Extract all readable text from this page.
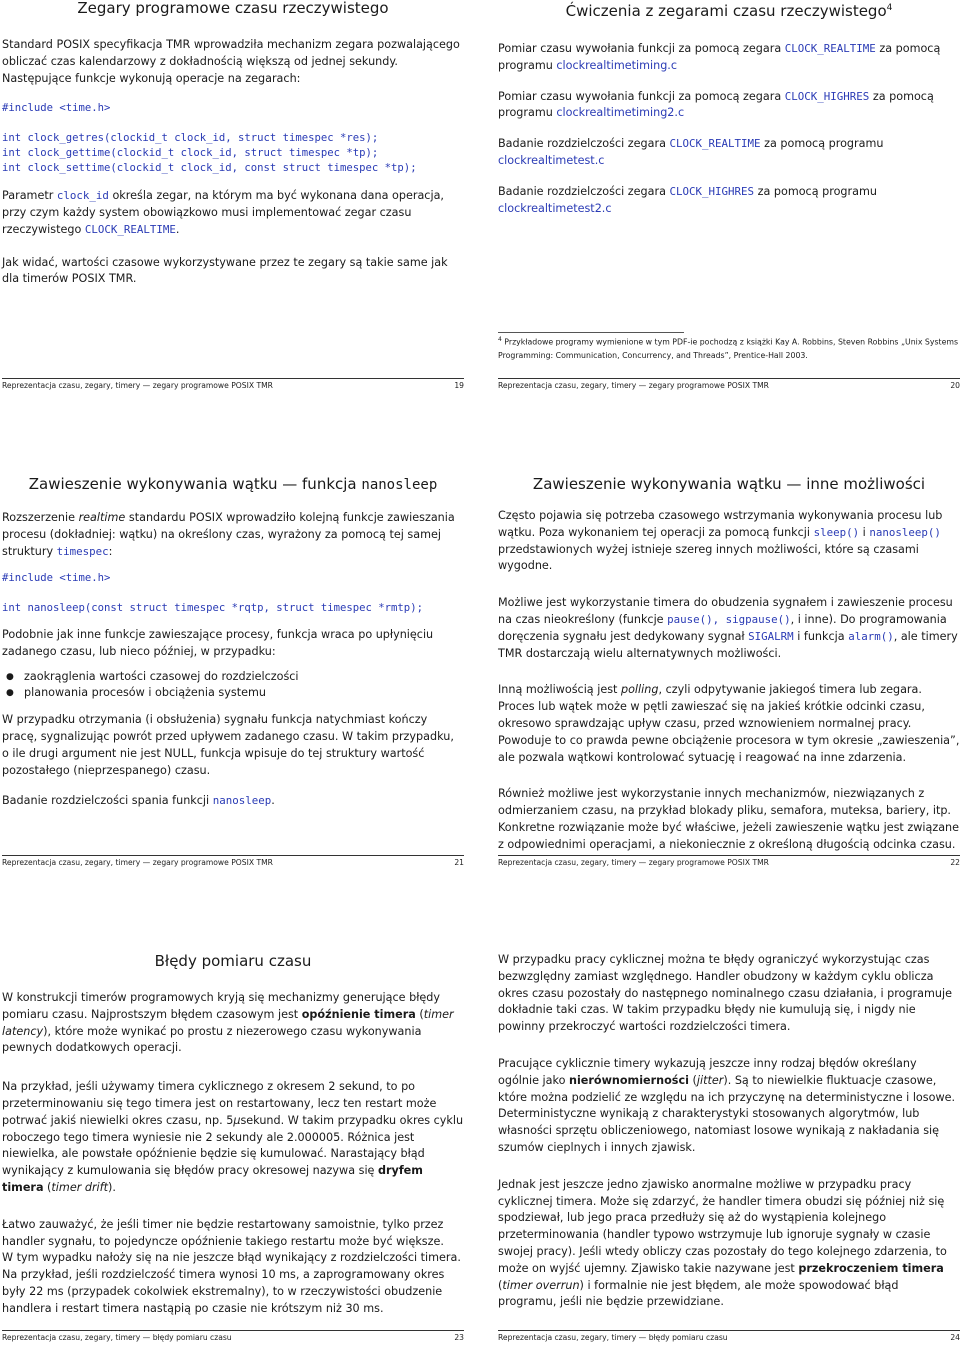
Zegary programowe czasu rzeczywistego

Standard POSIX specyfikacja TMR wprowadziła mechanizm zegara pozwalającego obliczać czas kalendarzowy z dokładnością większą od jednej sekundy. Następujące funkcje wykonują operacje na zegarach:

#include <time.h>
int clock_getres(clockid_t clock_id, struct timespec *res);
int clock_gettime(clockid_t clock_id, struct timespec *tp);
int clock_settime(clockid_t clock_id, const struct timespec *tp);

Parametr clock_id określa zegar, na którym ma być wykonana dana operacja, przy czym każdy system obowiązkowo musi implementować zegar czasu rzeczywistego CLOCK_REALTIME.

Jak widać, wartości czasowe wykorzystywane przez te zegary są takie same jak dla timerów POSIX TMR.

Reprezentacja czasu, zegary, timery — zegary programowe POSIX TMR	19
Ćwiczenia z zegarami czasu rzeczywistego$^4$

Pomiar czasu wywołania funkcji za pomocą zegara CLOCK_REALTIME za pomocą programu clockrealtimetiming.c

Pomiar czasu wywołania funkcji za pomocą zegara CLOCK_HIGHRES za pomocą programu clockrealtimetiming2.c

Badanie rozdzielczości zegara CLOCK_REALTIME za pomocą programu clockrealtimetest.c

Badanie rozdzielczości zegara CLOCK_HIGHRES za pomocą programu clockrealtimetest2.c

$^4$ Przykładowe programy wymienione w tym PDF-ie pochodzą z książki Kay A. Robbins, Steven Robbins „Unix Systems Programming: Communication, Concurrency, and Threads”, Prentice-Hall 2003.
Reprezentacja czasu, zegary, timery — zegary programowe POSIX TMR	20
Zawieszenie wykonywania wątku — funkcja nanosleep

Rozszerzenie realtime standardu POSIX wprowadziło kolejną funkcje zawieszania procesu (dokładniej: wątku) na określony czas, wyrażony za pomocą tej samej struktury timespec:

#include <time.h>
int nanosleep(const struct timespec *rqtp, struct timespec *rmtp);

Podobnie jak inne funkcje zawieszające procesy, funkcja wraca po upłynięciu zadanego czasu, lub nieco później, w przypadku:

● zaokrąglenia wartości czasowej do rozdzielczości
● planowania procesów i obciążenia systemu

W przypadku otrzymania (i obsłużenia) sygnału funkcja natychmiast kończy pracę, sygnalizując powrót przed upływem zadanego czasu. W takim przypadku, o ile drugi argument nie jest NULL, funkcja wpisuje do tej struktury wartość pozostałego (nieprzespanego) czasu.

Badanie rozdzielczości spania funkcji nanosleep.

Reprezentacja czasu, zegary, timery — zegary programowe POSIX TMR	21
Zawieszenie wykonywania wątku — inne możliwości

Często pojawia się potrzeba czasowego wstrzymania wykonywania procesu lub wątku. Poza wykonaniem tej operacji za pomocą funkcji sleep() i nanosleep() przedstawionych wyżej istnieje szereg innych możliwości, które są czasami wygodne.

Możliwe jest wykorzystanie timera do obudzenia sygnałem i zawieszenie procesu na czas nieokreślony (funkcje pause(), sigpause(), i inne). Do programowania doręczenia sygnału jest dedykowany sygnał SIGALRM i funkcja alarm(), ale timery TMR dostarczają wielu alternatywnych możliwości.

Inną możliwością jest polling, czyli odpytywanie jakiegoś timera lub zegara. Proces lub wątek może w pętli zawieszać się na jakieś krótkie odcinki czasu, okresowo sprawdzając upływ czasu, przed wznowieniem normalnej pracy. Powoduje to co prawda pewne obciążenie procesora w tym okresie „zawieszenia”, ale pozwala wątkowi kontrolować sytuację i reagować na inne zdarzenia.

Również możliwe jest wykorzystanie innych mechanizmów, niezwiązanych z odmierzaniem czasu, na przykład blokady pliku, semafora, muteksa, bariery, itp. Konkretne rozwiązanie może być właściwe, jeżeli zawieszenie wątku jest związane z odpowiednimi operacjami, a niekoniecznie z określoną długością odcinka czasu.

Reprezentacja czasu, zegary, timery — zegary programowe POSIX TMR	22
Błędy pomiaru czasu

W konstrukcji timerów programowych kryją się mechanizmy generujące błędy pomiaru czasu. Najprostszym błędem czasowym jest opóźnienie timera (timer latency), które może wynikać po prostu z niezerowego czasu wykonywania pewnych dodatkowych operacji.

Na przykład, jeśli używamy timera cyklicznego z okresem 2 sekund, to po przeterminowaniu się tego timera jest on restartowany, lecz ten restart może potrwać jakiś niewielki okres czasu, np. 5μsekund. W takim przypadku okres cyklu roboczego tego timera wyniesie nie 2 sekundy ale 2.000005. Różnica jest niewielka, ale powstałe opóźnienie będzie się kumulować. Narastający błąd wynikający z kumulowania się błędów pracy okresowej nazywa się dryfem timera (timer drift).

Łatwo zauważyć, że jeśli timer nie będzie restartowany samoistnie, tylko przez handler sygnału, to pojedyncze opóźnienie takiego restartu może być większe.

W tym wypadku nałoży się na nie jeszcze błąd wynikający z rozdzielczości timera.

Na przykład, jeśli rozdzielczość timera wynosi 10 ms, a zaprogramowany okres były 22 ms (przypadek cokolwiek ekstremalny), to w rzeczywistości obudzenie handlera i restart timera nastąpią po czasie nie krótszym niż 30 ms.

Reprezentacja czasu, zegary, timery — błędy pomiaru czasu	23

W przypadku pracy cyklicznej można te błędy ograniczyć wykorzystując czas bezwzględny zamiast względnego. Handler obudzony w każdym cyklu oblicza okres czasu pozostały do następnego nominalnego czasu działania, i programuje dokładnie taki czas. W takim przypadku błędy nie kumulują się, i nigdy nie powinny przekroczyć wartości rozdzielczości timera.

Pracujące cyklicznie timery wykazują jeszcze inny rodzaj błędów określany ogólnie jako nierównomierności (jitter). Są to niewielkie fluktuacje czasowe, które można podzielić ze względu na ich przyczynę na deterministyczne i losowe. Deterministyczne wynikają z charakterystyki stosowanych algorytmów, lub własności sprzętu obliczeniowego, natomiast losowe wynikają z nakładania się szumów cieplnych i innych zjawisk.

Jednak jest jeszcze jedno zjawisko anormalne możliwe w przypadku pracy cyklicznej timera. Może się zdarzyć, że handler timera obudzi się później niż się spodziewał, lub jego praca przedłuży się aż do wystąpienia kolejnego przeterminowania (handler typowo wstrzymuje lub ignoruje sygnały w czasie swojej pracy). Jeśli wtedy obliczy czas pozostały do tego kolejnego zdarzenia, to może on wyjść ujemny. Zjawisko takie nazywane jest przekroczeniem timera (timer overrun) i formalnie nie jest błędem, ale może spowodować błąd programu, jeśli nie będzie przewidziane.

Reprezentacja czasu, zegary, timery — błędy pomiaru czasu	24
